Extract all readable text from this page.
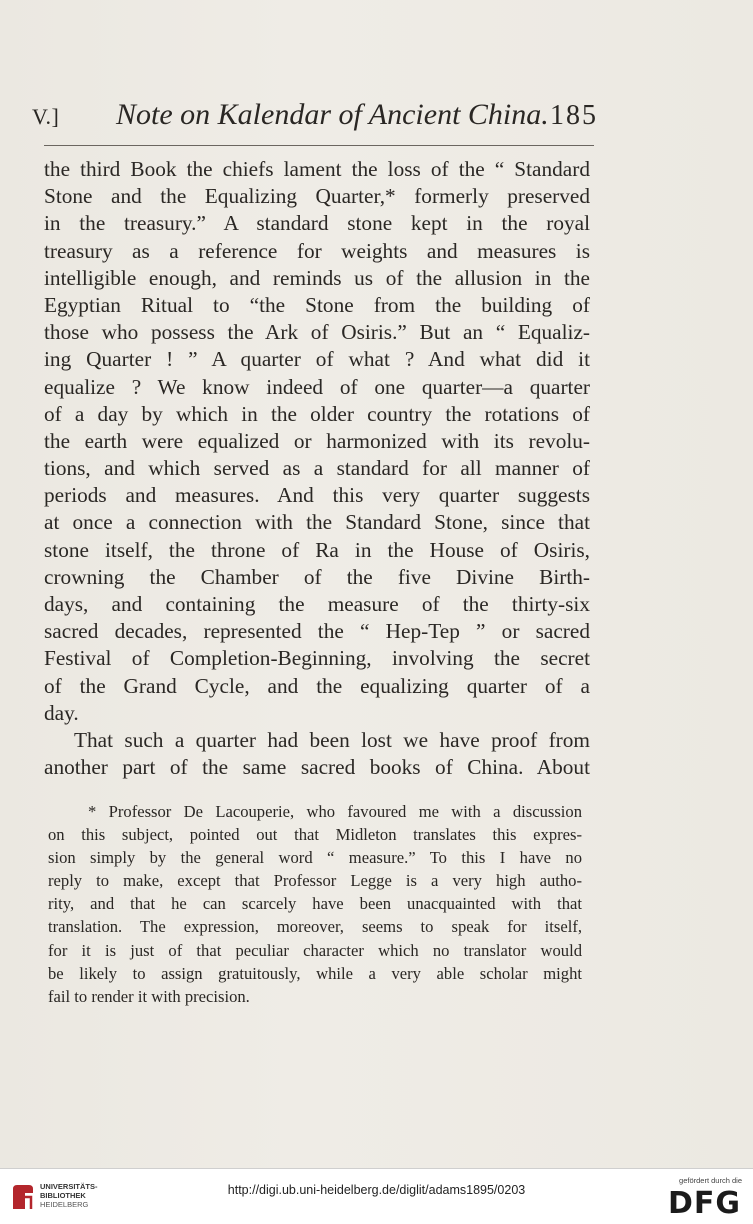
V.] Note on Kalendar of Ancient China. 185
the third Book the chiefs lament the loss of the “ Standard
Stone and the Equalizing Quarter,* formerly preserved
in the treasury.” A standard stone kept in the royal
treasury as a reference for weights and measures is
intelligible enough, and reminds us of the allusion in the
Egyptian Ritual to “the Stone from the building of
those who possess the Ark of Osiris.” But an “ Equaliz-
ing Quarter ! ” A quarter of what ? And what did it
equalize ? We know indeed of one quarter—a quarter
of a day by which in the older country the rotations of
the earth were equalized or harmonized with its revolu-
tions, and which served as a standard for all manner of
periods and measures. And this very quarter suggests
at once a connection with the Standard Stone, since that
stone itself, the throne of Ra in the House of Osiris,
crowning the Chamber of the five Divine Birth-
days, and containing the measure of the thirty-six
sacred decades, represented the “ Hep-Tep ” or sacred
Festival of Completion-Beginning, involving the secret
of the Grand Cycle, and the equalizing quarter of a
day.
That such a quarter had been lost we have proof from
another part of the same sacred books of China. About
* Professor De Lacouperie, who favoured me with a discussion
on this subject, pointed out that Midleton translates this expres-
sion simply by the general word “ measure.” To this I have no
reply to make, except that Professor Legge is a very high autho-
rity, and that he can scarcely have been unacquainted with that
translation. The expression, moreover, seems to speak for itself,
for it is just of that peculiar character which no translator would
be likely to assign gratuitously, while a very able scholar might
fail to render it with precision.
UNIVERSITÄTS-
BIBLIOTHEK
HEIDELBERG
http://digi.ub.uni-heidelberg.de/diglit/adams1895/0203
gefördert durch die
DFG
